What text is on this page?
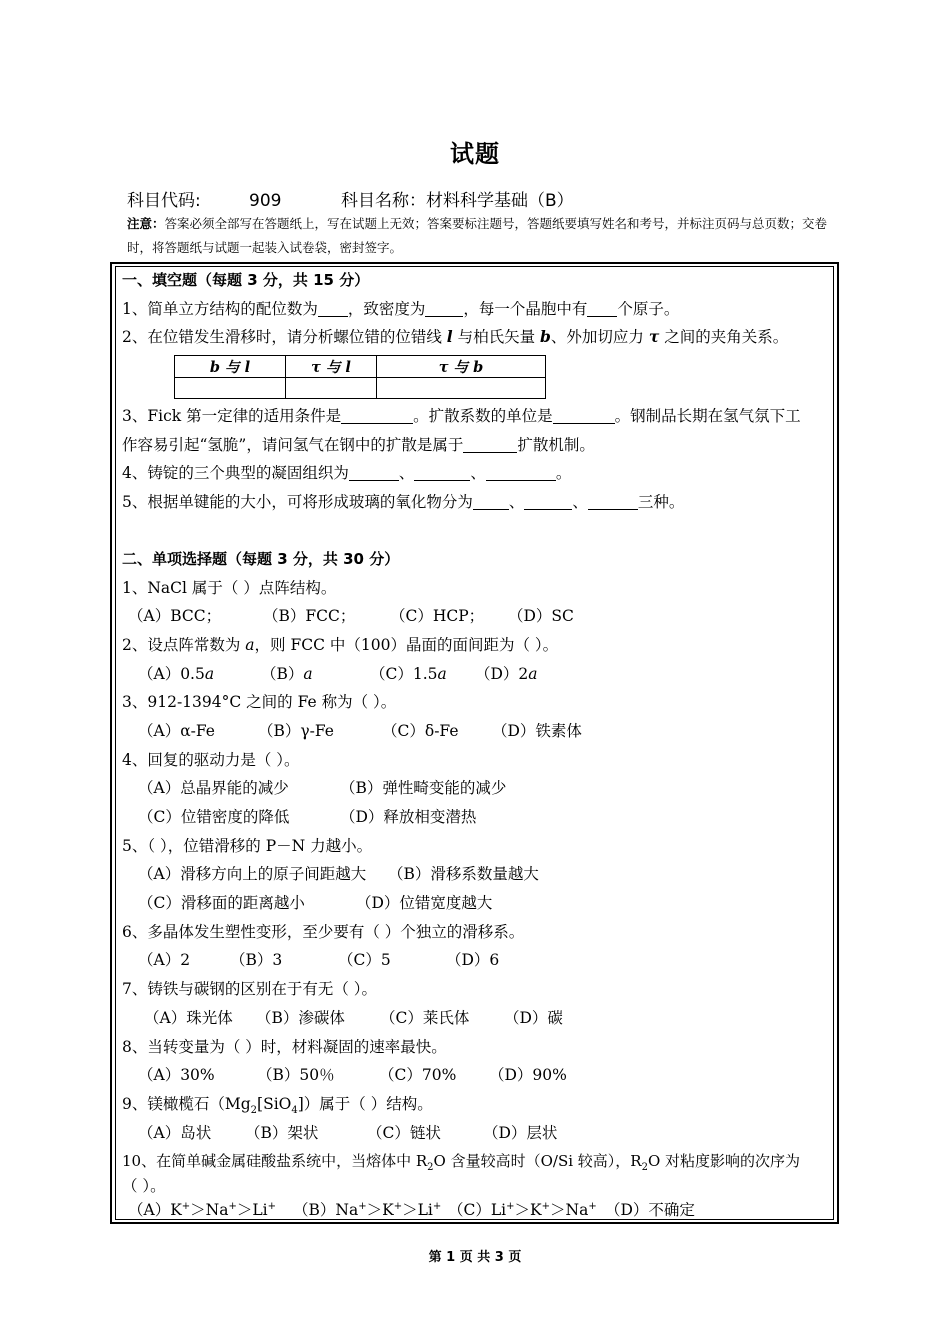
试题
科目代码:	909	科目名称：材料科学基础（B）
注意：答案必须全部写在答题纸上，写在试题上无效；答案要标注题号，答题纸要填写姓名和考号，并标注页码与总页数；交卷时，将答题纸与试题一起装入试卷袋，密封签字。
一、填空题（每题 3 分，共 15 分）
1、简单立方结构的配位数为 ，致密度为 ，每一个晶胞中有 个原子。
2、在位错发生滑移时，请分析螺位错的位错线 l 与柏氏矢量 b、外加切应力 τ 之间的夹角关系。
b 与 l	τ 与 l	τ 与 b

3、Fick 第一定律的适用条件是	。扩散系数的单位是	。钢制品长期在氢气氛下工
作容易引起“氢脆”，请问氢气在钢中的扩散是属于	扩散机制。
4、铸锭的三个典型的凝固组织为	、	、	。
5、根据单键能的大小，可将形成玻璃的氧化物分为 、	、	三种。
二、单项选择题（每题 3 分，共 30 分）
1、NaCl 属于（ ）点阵结构。
（A）BCC；	（B）FCC； （C）HCP； （D）SC
2、设点阵常数为 a，则 FCC 中（100）晶面的面间距为（ ）。
（A）0.5a	（B）a	（C）1.5a （D）2a
3、912-1394°C 之间的 Fe 称为（ ）。
（A）α-Fe	（B）γ-Fe	（C）δ-Fe （D）铁素体
4、回复的驱动力是（ ）。
（A）总晶界能的减少	（B）弹性畸变能的减少
（C）位错密度的降低	（D）释放相变潜热
5、（ ），位错滑移的 P－N 力越小。
（A）滑移方向上的原子间距越大 （B）滑移系数量越大
（C）滑移面的距离越小	（D）位错宽度越大
6、多晶体发生塑性变形，至少要有（ ）个独立的滑移系。
（A）2	（B）3	（C）5	（D）6
7、铸铁与碳钢的区别在于有无（ ）。
（A）珠光体 （B）渗碳体 （C）莱氏体 （D）碳
8、当转变量为（ ）时，材料凝固的速率最快。
（A）30%	（B）50％	（C）70% （D）90%
9、镁橄榄石$(Mg_2[SiO_4])$属于（ ）结构。
（A）岛状 （B）架状	（C）链状	（D）层状
10、在简单碱金属硅酸盐系统中，当熔体中 $R_2O$ 含量较高时（O/Si 较高），$R_2O$ 对粘度影响的次序为
（ ）。
（A）K+＞Na+＞Li+ （B）Na+＞K+＞Li+ （C）Li+＞K+＞Na+ （D）不确定
第 1 页 共 3 页
